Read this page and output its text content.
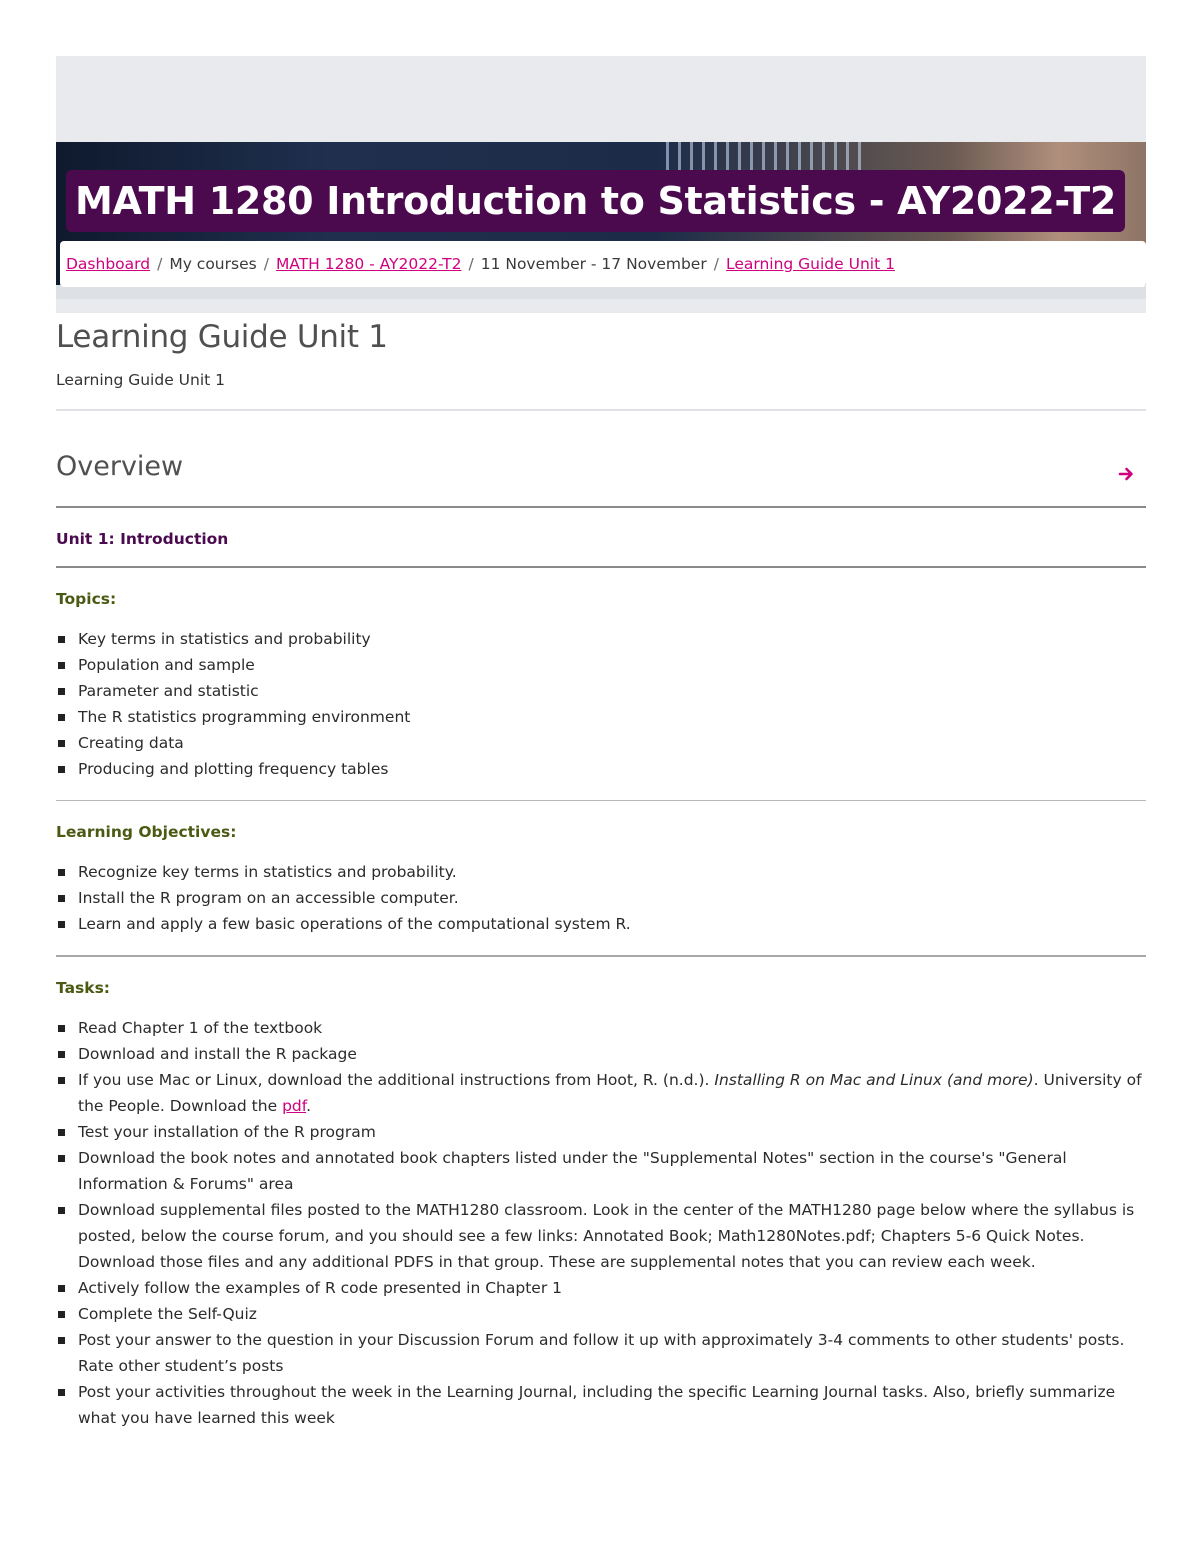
MATH 1280 Introduction to Statistics - AY2022-T2
Dashboard / My courses / MATH 1280 - AY2022-T2 / 11 November - 17 November / Learning Guide Unit 1
Learning Guide Unit 1
Learning Guide Unit 1
Overview
Unit 1: Introduction
Topics:
Key terms in statistics and probability
Population and sample
Parameter and statistic
The R statistics programming environment
Creating data
Producing and plotting frequency tables
Learning Objectives:
Recognize key terms in statistics and probability.
Install the R program on an accessible computer.
Learn and apply a few basic operations of the computational system R.
Tasks:
Read Chapter 1 of the textbook
Download and install the R package
If you use Mac or Linux, download the additional instructions from Hoot, R. (n.d.). Installing R on Mac and Linux (and more). University of the People. Download the pdf.
Test your installation of the R program
Download the book notes and annotated book chapters listed under the "Supplemental Notes" section in the course's "General Information & Forums" area
Download supplemental files posted to the MATH1280 classroom. Look in the center of the MATH1280 page below where the syllabus is posted, below the course forum, and you should see a few links: Annotated Book; Math1280Notes.pdf; Chapters 5-6 Quick Notes. Download those files and any additional PDFS in that group. These are supplemental notes that you can review each week.
Actively follow the examples of R code presented in Chapter 1
Complete the Self-Quiz
Post your answer to the question in your Discussion Forum and follow it up with approximately 3-4 comments to other students' posts. Rate other student’s posts
Post your activities throughout the week in the Learning Journal, including the specific Learning Journal tasks. Also, briefly summarize what you have learned this week
